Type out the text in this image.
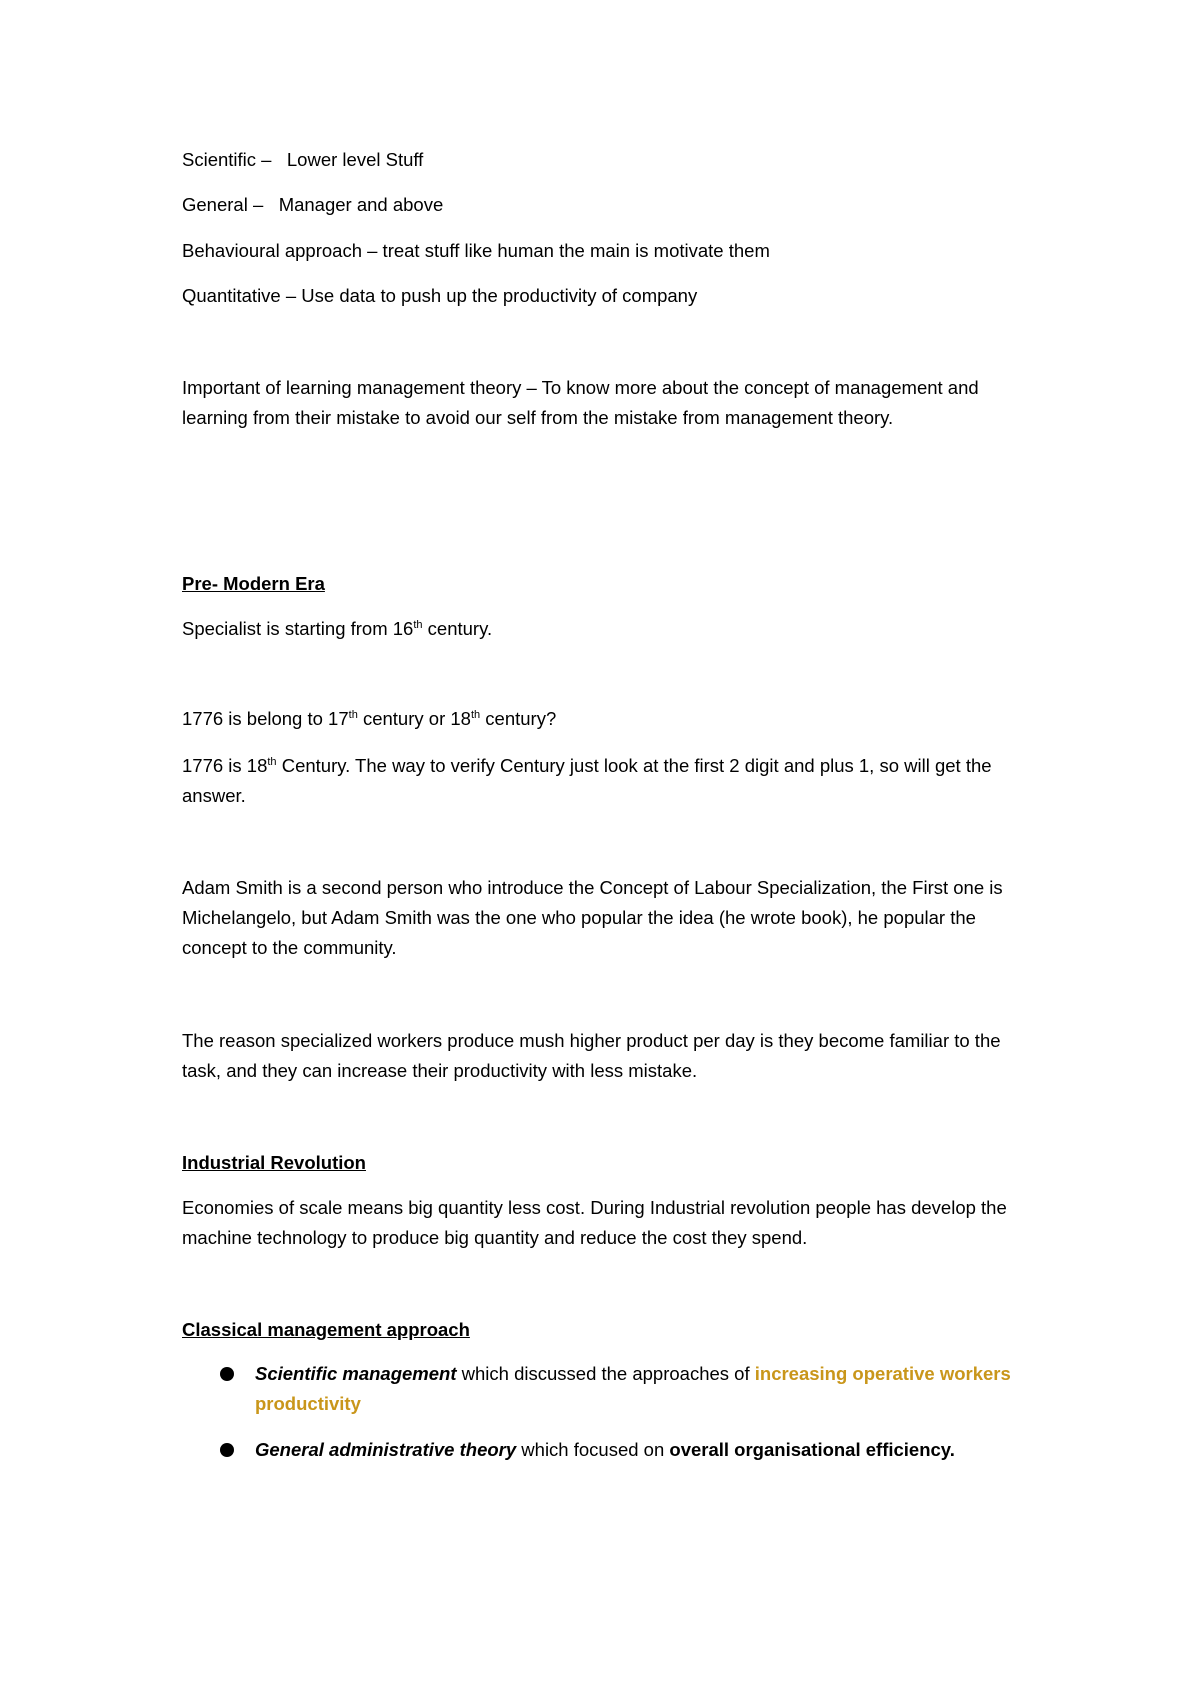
Scientific – Lower level Stuff

General – Manager and above

Behavioural approach – treat stuff like human the main is motivate them

Quantitative – Use data to push up the productivity of company

Important of learning management theory – To know more about the concept of management and learning from their mistake to avoid our self from the mistake from management theory.

Pre- Modern Era

Specialist is starting from 16th century.

1776 is belong to 17th century or 18th century?

1776 is 18th Century. The way to verify Century just look at the first 2 digit and plus 1, so will get the answer.

Adam Smith is a second person who introduce the Concept of Labour Specialization, the First one is Michelangelo, but Adam Smith was the one who popular the idea (he wrote book), he popular the concept to the community.

The reason specialized workers produce mush higher product per day is they become familiar to the task, and they can increase their productivity with less mistake.

Industrial Revolution

Economies of scale means big quantity less cost. During Industrial revolution people has develop the machine technology to produce big quantity and reduce the cost they spend.

Classical management approach

Scientific management which discussed the approaches of increasing operative workers productivity

General administrative theory which focused on overall organisational efficiency.
